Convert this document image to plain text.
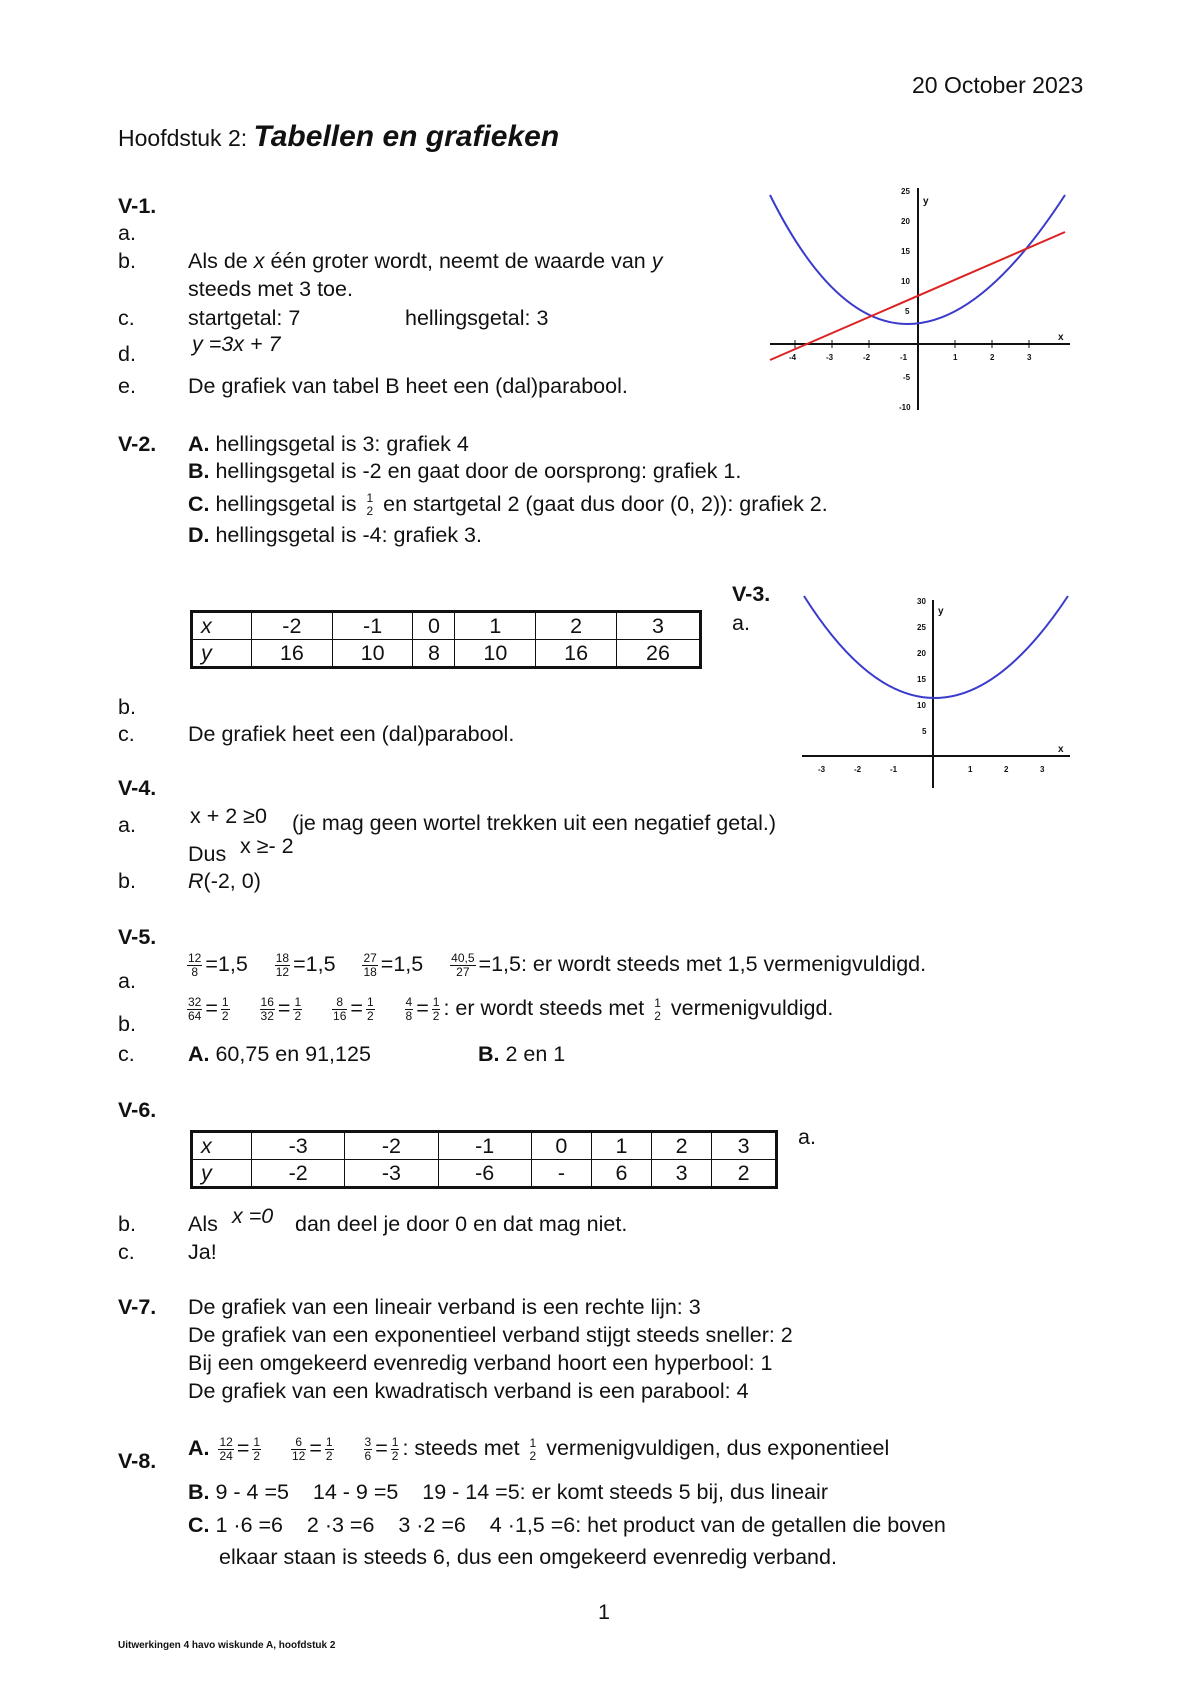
20 October 2023
Hoofdstuk 2: Tabellen en grafieken
V-1.
a.
b. Als de x één groter wordt, neemt de waarde van y
steeds met 3 toe.
c. startgetal: 7	hellingsgetal: 3
d.	y =3x + 7
e. De grafiek van tabel B heet een (dal)parabool.
-4	-3	-2	-1	1	2	3
25
20
15
10
5
-5
-10
y
x
V-2. A. hellingsgetal is 3: grafiek 4
B. hellingsgetal is -2 en gaat door de oorsprong: grafiek 1.
C. hellingsgetal is 1
2 en startgetal 2 (gaat dus door (0, 2)): grafiek 2.
D. hellingsgetal is -4: grafiek 3.
V-3.
a.
x	-2	-1	0	1	2	3
y	16	10	8	10	16	26
b.
c. De grafiek heet een (dal)parabool.
-3	-2	-1	1	2	3
30
25
20
15
10
5
y
x
V-4.
a.	x + 2 ≥0 (je mag geen wortel trekken uit een negatief getal.)
Dus x ≥- 2
b. R(-2, 0)
V-5.
a.
$\frac{12}{8} =1,5 \frac{18}{12} =1,5 \frac{27}{18} =1,5 \frac{40,5}{27} =1,5$: er wordt steeds met 1,5 vermenigvuldigd.
b.
$\frac{32}{64} = \frac{1}{2}$
$\frac{16}{32} = \frac{1}{2}$
$\frac{8}{16} = \frac{1}{2}$
$\frac{4}{8} = \frac{1}{2}$ : er wordt steeds met 1
2 vermenigvuldigd.
c. A. 60,75 en 91,125	B. 2 en 1
V-6.
x	-3	-2	-1	0	1	2	3
y	-2	-3	-6	-	6	3	2
a.
b. Als x =0 dan deel je door 0 en dat mag niet.
c. Ja!
V-7. De grafiek van een lineair verband is een rechte lijn: 3
De grafiek van een exponentieel verband stijgt steeds sneller: 2
Bij een omgekeerd evenredig verband hoort een hyperbool: 1
De grafiek van een kwadratisch verband is een parabool: 4
V-8.
A. $\frac{12}{24} = \frac{1}{2}$
$\frac{6}{12} = \frac{1}{2}$
$\frac{3}{6} = \frac{1}{2}$ : steeds met 1
2 vermenigvuldigen, dus exponentieel
B. 9 - 4 =5    14 - 9 =5    19 - 14 =5: er komt steeds 5 bij, dus lineair
C. 1 ·6 =6    2 ·3 =6    3 ·2 =6    4 ·1,5 =6: het product van de getallen die boven
elkaar staan is steeds 6, dus een omgekeerd evenredig verband.
1
Uitwerkingen 4 havo wiskunde A, hoofdstuk 2
